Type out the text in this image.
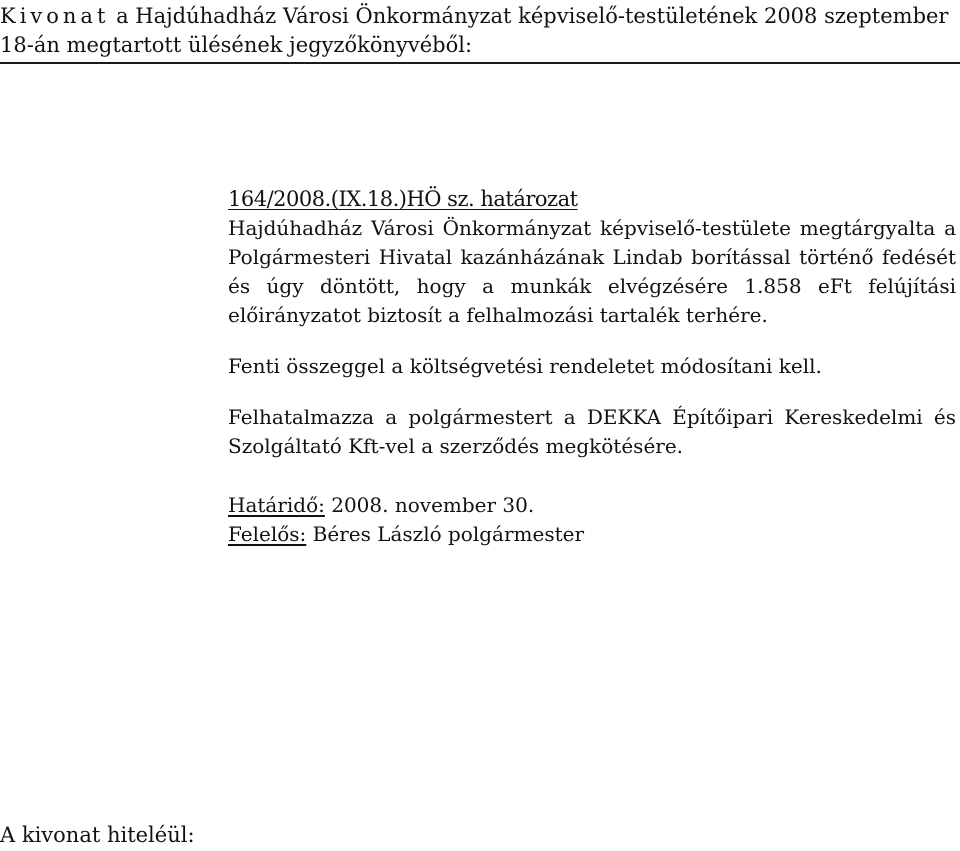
Kivonat a Hajdúhadház Városi Önkormányzat képviselő-testületének 2008 szeptember 18-án megtartott ülésének jegyzőkönyvéből:

164/2008.(IX.18.)HÖ sz. határozat

Hajdúhadház Városi Önkormányzat képviselő-testülete megtárgyalta a Polgármesteri Hivatal kazánházának Lindab borítással történő fedését és úgy döntött, hogy a munkák elvégzésére 1.858 eFt felújítási előirányzatot biztosít a felhalmozási tartalék terhére.

Fenti összeggel a költségvetési rendeletet módosítani kell.

Felhatalmazza a polgármestert a DEKKA Építőipari Kereskedelmi és Szolgáltató Kft-vel a szerződés megkötésére.

Határidő: 2008. november 30.

Felelős: Béres László polgármester

A kivonat hiteléül:
